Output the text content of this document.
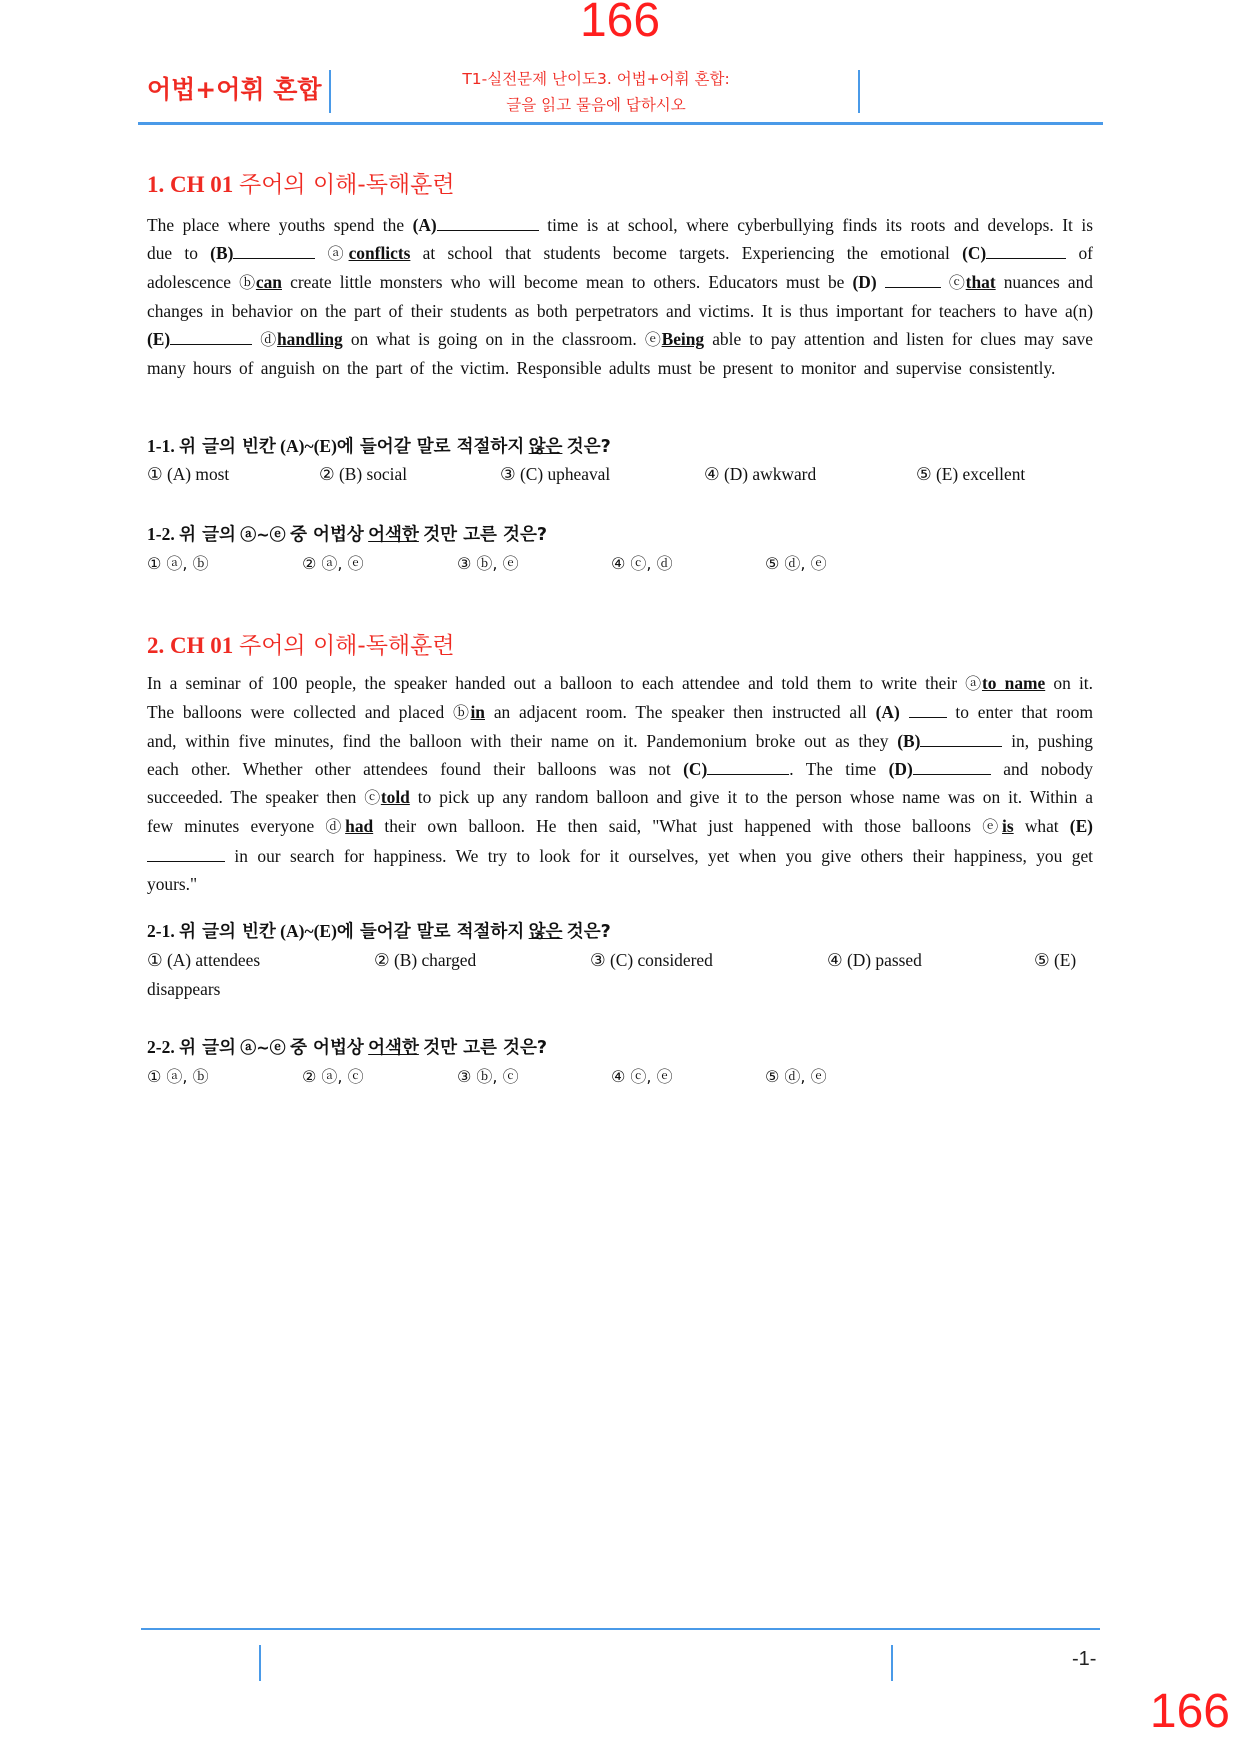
166
어법+어휘 혼합	T1-실전문제 난이도3. 어법+어휘 혼합:
글을 읽고 물음에 답하시오
1. CH 01 주어의 이해-독해훈련
The place where youths spend the (A)	time is at school, where cyberbullying finds its roots and develops. It is due to (B)	ⓐconflicts at school that students become targets. Experiencing the emotional (C)	of adolescence ⓑcan create little monsters who will become mean to others. Educators must be (D)	ⓒthat nuances and changes in behavior on the part of their students as both perpetrators and victims. It is thus important for teachers to have a(n) (E)	ⓓhandling on what is going on in the classroom. ⓔBeing able to pay attention and listen for clues may save many hours of anguish on the part of the victim. Responsible adults must be present to monitor and supervise consistently.
1-1. 위 글의 빈칸 (A)~(E)에 들어갈 말로 적절하지 않은 것은?
① (A) most	② (B) social	③ (C) upheaval	④ (D) awkward	⑤ (E) excellent
1-2. 위 글의 ⓐ~ⓔ 중 어법상 어색한 것만 고른 것은?
① ⓐ, ⓑ	② ⓐ, ⓔ	③ ⓑ, ⓔ	④ ⓒ, ⓓ	⑤ ⓓ, ⓔ
2. CH 01 주어의 이해-독해훈련
In a seminar of 100 people, the speaker handed out a balloon to each attendee and told them to write their ⓐto name on it. The balloons were collected and placed ⓑin an adjacent room. The speaker then instructed all (A)	to enter that room and, within five minutes, find the balloon with their name on it. Pandemonium broke out as they (B)	in, pushing each other. Whether other attendees found their balloons was not (C)	. The time (D)	and nobody succeeded. The speaker then ⓒtold to pick up any random balloon and give it to the person whose name was on it. Within a few minutes everyone ⓓhad their own balloon. He then said, "What just happened with those balloons ⓔis what (E) in our search for happiness. We try to look for it ourselves, yet when you give others their happiness, you get yours."
2-1. 위 글의 빈칸 (A)~(E)에 들어갈 말로 적절하지 않은 것은?
① (A) attendees	② (B) charged	③ (C) considered	④ (D) passed	⑤ (E)
disappears
2-2. 위 글의 ⓐ~ⓔ 중 어법상 어색한 것만 고른 것은?
① ⓐ, ⓑ	② ⓐ, ⓒ	③ ⓑ, ⓒ	④ ⓒ, ⓔ	⑤ ⓓ, ⓔ
-1-
166
